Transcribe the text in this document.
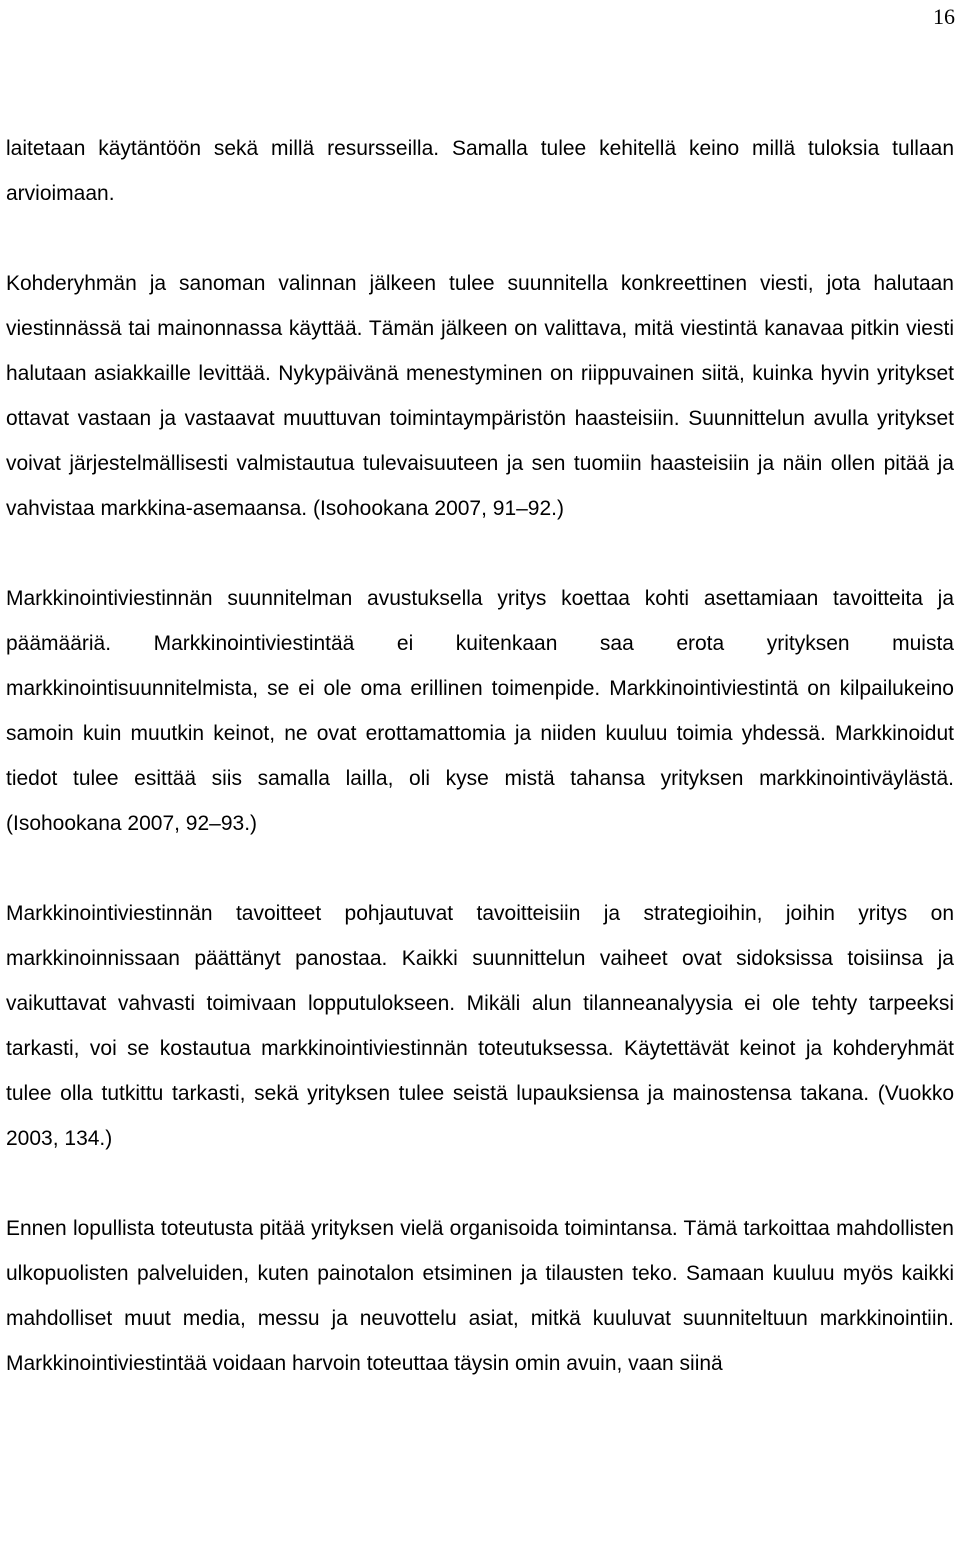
16

laitetaan käytäntöön sekä millä resursseilla. Samalla tulee kehitellä keino millä tuloksia tullaan arvioimaan.

Kohderyhmän ja sanoman valinnan jälkeen tulee suunnitella konkreettinen viesti, jota halutaan viestinnässä tai mainonnassa käyttää. Tämän jälkeen on valittava, mitä viestintä kanavaa pitkin viesti halutaan asiakkaille levittää. Nykypäivänä menestyminen on riippuvainen siitä, kuinka hyvin yritykset ottavat vastaan ja vastaavat muuttuvan toimintaympäristön haasteisiin. Suunnittelun avulla yritykset voivat järjestelmällisesti valmistautua tulevaisuuteen ja sen tuomiin haasteisiin ja näin ollen pitää ja vahvistaa markkina-asemaansa. (Isohookana 2007, 91–92.)

Markkinointiviestinnän suunnitelman avustuksella yritys koettaa kohti asettamiaan tavoitteita ja päämääriä. Markkinointiviestintää ei kuitenkaan saa erota yrityksen muista markkinointisuunnitelmista, se ei ole oma erillinen toimenpide. Markkinointiviestintä on kilpailukeino samoin kuin muutkin keinot, ne ovat erottamattomia ja niiden kuuluu toimia yhdessä. Markkinoidut tiedot tulee esittää siis samalla lailla, oli kyse mistä tahansa yrityksen markkinointiväylästä. (Isohookana 2007, 92–93.)

Markkinointiviestinnän tavoitteet pohjautuvat tavoitteisiin ja strategioihin, joihin yritys on markkinoinnissaan päättänyt panostaa. Kaikki suunnittelun vaiheet ovat sidoksissa toisiinsa ja vaikuttavat vahvasti toimivaan lopputulokseen. Mikäli alun tilanneanalyysia ei ole tehty tarpeeksi tarkasti, voi se kostautua markkinointiviestinnän toteutuksessa. Käytettävät keinot ja kohderyhmät tulee olla tutkittu tarkasti, sekä yrityksen tulee seistä lupauksiensa ja mainostensa takana. (Vuokko 2003, 134.)

Ennen lopullista toteutusta pitää yrityksen vielä organisoida toimintansa. Tämä tarkoittaa mahdollisten ulkopuolisten palveluiden, kuten painotalon etsiminen ja tilausten teko. Samaan kuuluu myös kaikki mahdolliset muut media, messu ja neuvottelu asiat, mitkä kuuluvat suunniteltuun markkinointiin. Markkinointiviestintää voidaan harvoin toteuttaa täysin omin avuin, vaan siinä
